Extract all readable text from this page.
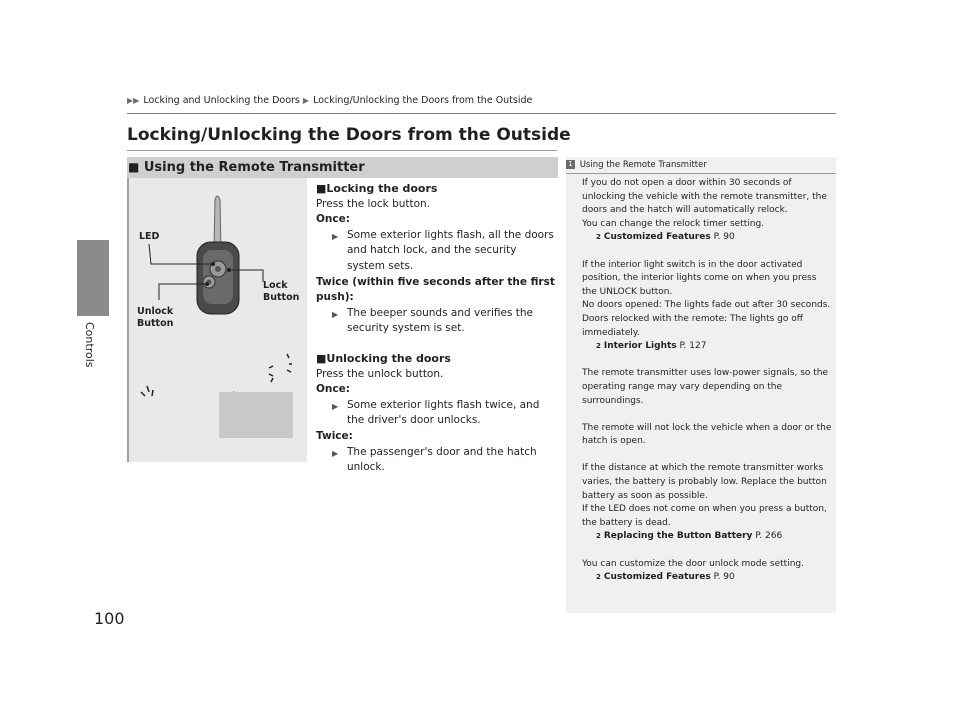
Controls
100
▶▶ Locking and Unlocking the Doors ▶ Locking/Unlocking the Doors from the Outside
Locking/Unlocking the Doors from the Outside
■ Using the Remote Transmitter
LED
Lock
Button
Unlock
Button
■Locking the doors
Press the lock button.
Once:
▶ Some exterior lights flash, all the doors and hatch lock, and the security system sets.
Twice (within five seconds after the first push):
▶ The beeper sounds and verifies the security system is set.
■Unlocking the doors
Press the unlock button.
Once:
▶ Some exterior lights flash twice, and the driver's door unlocks.
Twice:
▶ The passenger's door and the hatch unlock.
1 Using the Remote Transmitter

If you do not open a door within 30 seconds of unlocking the vehicle with the remote transmitter, the doors and the hatch will automatically relock.

You can change the relock timer setting.

2 Customized Features P. 90

If the interior light switch is in the door activated position, the interior lights come on when you press the UNLOCK button.

No doors opened: The lights fade out after 30 seconds.

Doors relocked with the remote: The lights go off immediately.

2 Interior Lights P. 127

The remote transmitter uses low-power signals, so the operating range may vary depending on the surroundings.

The remote will not lock the vehicle when a door or the hatch is open.

If the distance at which the remote transmitter works varies, the battery is probably low. Replace the button battery as soon as possible.

If the LED does not come on when you press a button, the battery is dead.

2 Replacing the Button Battery P. 266

You can customize the door unlock mode setting.

2 Customized Features P. 90
